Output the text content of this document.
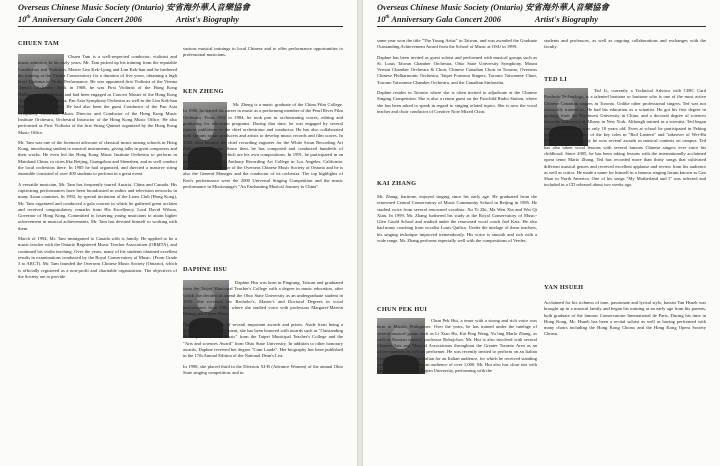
Overseas Chinese Music Society (Ontario) 安省海外華人音樂協會
10th Anniversary Gala Concert 2006	Artist's Biography
CHUEN TAM

Chuen Tam is a well-respected conductor, violinist and music educator. In his early years, Mr. Tam picked up his training from the reputable Conductors and Violinists, Master Lim Kek-Ljong and Lim Kek-han and he furthered his training at the Vienna Conservatory for a duration of five years, obtaining a high level Diploma in Violin Performance. He was appointed first Violinist of the Vienna Opera's Orchestra. Back in 1968, he was First Violinist of the Hong Kong Philharmonic Orchestra, and had been engaged as Concert Master of the Hong Kong City Symphony Orchestra; Pan Asia Symphony Orchestra as well as the Lim Kek-han Philharmonic Orchestra. He had also been the guest Conductor of the Pan Asia Symphony Orchestra; Music Director and Conductor of the Hong Kong Music Institute Orchestra, Orchestral Instructor of the Hong Kong Music Office. He also performed as First Violinist of the first String Quintet organized by the Hong Kong Music Office.

Mr. Tam was one of the foremost advocate of classical music among schools in Hong Kong, introducing student to musical instruments, giving talks in great composers and their works. He even led the Hong Kong Music Institute Orchestra to perform in Mainland China, in cities like Beijing, Guangzhou and Shenzhen, and as well conduct the local orchestras there. In 1985 he had organized, and directed a massive string ensemble consisted of over 400 students to perform in a great event.

A versatile musician, Mr. Tam has frequently toured Austria, China and Canada. His captivating performances have been broadcasted in radios and television networks in many Asian countries. In 1992, by special invitation of the Lions Club (Hong Kong), Mr. Tam organized and conducted a gala concert in which he gathered great acclaim and received congratulatory remarks from His Excellency, Lord David Wilson, Governor of Hong Kong. Committed to fostering young musicians to attain higher achievement in musical achievements, Mr. Tam has devoted himself to working with them.

March of 1994, Mr. Tam immigrated to Canada with is family. He applied to be a music teacher with the Ontario Registered Music Teacher Association (ORMTA), and continued his violin teaching. Over the years, many of his students obtained excellent results in examinations conducted by the Royal Conservatory of Music. (From Grade 3 to ARCT). Mr. Tam founded the Overseas Chinese Music Society (Ontario), which is officially registered as a non-profit and charitable organization. The objectives of the Society are to provide

various musical trainings to local Chinese and to offer performance opportunities to professional musicians.
KEN ZHENG

Mr. Zheng is a music graduate of the China Film College. In 1980, he started his career in music as a performing member of the Pearl River Film Orchestra. From 1982 to 1984, he took part in orchestrating scores, editing and producing for television programs. During that time, he was engaged by several famous publishers as the chief orchestrator and conductor. He has also collaborated with famous music producers and artists to develop music records and film scores. In 1984, Ken became the chief recording engineer for the White Swan Recording Art Publishing Company. Since then, he has composed and conducted hundreds of productions, many of which are his own compositions. In 1991, he participated in an advanced study trip to Anthony Recording Art College in Los Angeles, California. Currently, he is a director of the Overseas Chinese Music Society of Ontario and he is also the General Manager and the conductor of its orchestra. The top highlights of Ken's performance were the 2000 Universal Singing Competition and the music performance in Mississauga's "An Enchanting Musical Journey to China".

DAPHNE HSU

Daphne Hsu was born in Pingtung, Taiwan and graduated from the Taipei Municipal Teacher's College with a degree in music education, after which she decided to attend the Ohio State University as an undergraduate student in 1992. She received her Bachelor's, Master's and Doctoral Degrees in vocal performance from OSU, where she studied voice with professors Margaret-Marvin Huling and Eileen Davis.

Daphne is a recipient of several important awards and prizes. Aside from being a doctoral scholarship recipient, she has been honored with awards such as "Outstanding Accomplishments in Music" from the Taipei Municipal Teacher's College and the "Arts and sciences Award" from Ohio State University. In addition to other honorary awards, Daphne received her degree "Cum Laude". Her biography has been published in the 17th Annual Edition of the National Dean's List.

In 1998, she placed third in the Division XI-B (Advance Women) of the annual Ohio State singing competition, and in

Overseas Chinese Music Society (Ontario) 安省海外華人音樂協會
10th Anniversary Gala Concert 2006	Artist's Biography

same year won the title "The Young Artist" in Taiwan, and was awarded the Graduate Outstanding Achievement Award from the School of Music at OSU in 1999.

Daphne has been invited as guest soloist and performed with musical groups such as St. Louis Taiwan Chamber Orchestra, Ohio State University Symphony, Mount Vernon Chamber Orchestra & Choir, Chinese Canadian Choir in Toronto, Overseas Chinese Philharmonic Orchestra, Taipei Formosa Singers, Toronto Taiwanese Choir, Toronto Taiwanese Chamber Orchestra, and the Canadian Sinfonetta.

Daphne resides in Toronto where she is often invited to adjudicate at the Chinese Singing Competition. She is also a return guest on the Fairchild Radio Station, where she has been asked to speak in regard to singing related topics. She is now the vocal teacher and choir conductor of Creative Note Mixed Choir.

KAI ZHANG

Mr. Zhang, baritone, enjoyed singing since his early age. He graduated from the renowned Central Conservatory of Music Community School in Beijing in 1985. He studied voice from several renowned vocalists: Xu Yi Zhi, Ma Wen Xin and Wei Qi Xian. In 1999, Mr. Zhang furthered his study at the Royal Conservatory of Music- Glen Gould School and studied under the renowned vocal coach Joel Katz. He also had many coaching from vocalist Louis Quilico. Under the tutelage of these teachers, his singing technique improved tremendously. His voice is smooth and rich with a wide range. Mr. Zhang performs especially well with the compositions of Verdes.

CHUN PEK HUI

Chun Pek Hui, a tenor with a strong and rich voice was born in Manila, Philippines. Over the years, he has trained under the tutelage of several musical greats such as Li Xiao Hu, Kai Ping Wang, Yu ling Marlo Zhang, as well as Russian musical professor Robojchov. Mr. Hui is also involved with several Chinese Arts and Musical Associations throughout the Greater Toronto Area as an active member, as well as performer. He was recently invited to perform on an Italian Cruise Liner, singing in Italian for an Italian audience, for which he received standing ovations and praise from an audience of over 1,000. Mr. Hui also has close ties with the Musical Institute of Fujian University, performing with the

students and professors, as well as ongoing collaborations and exchanges with the faculty.
TED LI

Ted Li, currently a Technical Advisor with CIBC Card Products Technology, is a talented baritone or baritone who is one of the most active Chinese Canadian singers in Toronto. Unlike other professional singers, Ted was not classically trained so. He had his education as a scientist. He got his first degree in geology from the Northwest University in China, and a doctoral degree of sciences from the University at Albany in New York. Although trained as a scientist, Ted began singing when he as was only 10 years old. Even at school he participated in Peking opera, starting as some of the key roles in "Red Lantern" and "takeover of Wei-Hu Mountain". At university he won several awards in musical contests on campus. Ted has also taken vocal lessons with several famous Chinese singers ever since his childhood. Since 2005, he has been taking lessons with the internationally acclaimed opera tenor Mario Zhang. Ted has recorded more than thirty songs that cultivated different musical genres and received excellent applause and review from his audience as well as critics. He made a name for himself in a famous singing forum known as Gao Shan in North America. One of his songs "My Motherland and I" was selected and included in a CD released about two weeks ago.

YAN HSUEH

Acclaimed for his richness of tone, passionate and lyrical style, bassist Yan Hsueh was brought up in a musical family and began his training at an early age from his parents, both graduate of the famous Conservatoire International de Paris. During his time in Hong Kong, Mr. Hsueh has been a recital soloist as well as having performed with many choirs including the Hong Kong Chorus and the Hong Kong Opera Society Chorus.
